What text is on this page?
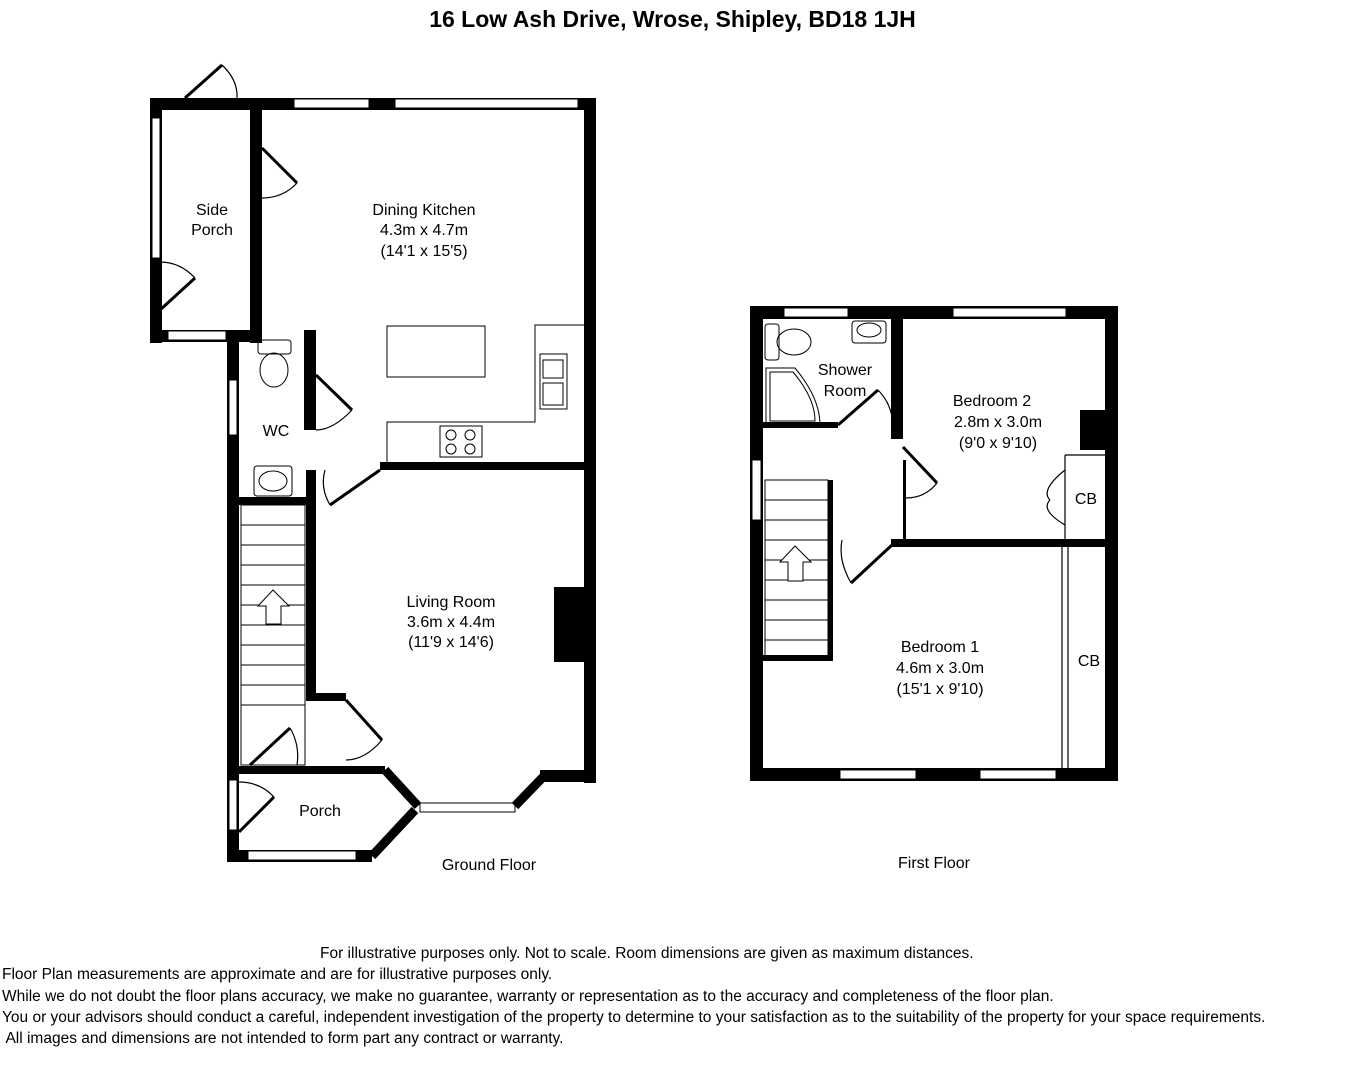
16 Low Ash Drive, Wrose, Shipley, BD18 1JH
Side
Porch
Dining Kitchen
4.3m x 4.7m
(14'1 x 15'5)
WC
Living Room
3.6m x 4.4m
(11'9 x 14'6)
Porch
Ground Floor
Shower
Room
Bedroom 2
2.8m x 3.0m
(9'0 x 9'10)
CB
CB
Bedroom 1
4.6m x 3.0m
(15'1 x 9'10)
First Floor
For illustrative purposes only. Not to scale. Room dimensions are given as maximum distances.
Floor Plan measurements are approximate and are for illustrative purposes only.
While we do not doubt the floor plans accuracy, we make no guarantee, warranty or representation as to the accuracy and completeness of the floor plan.
You or your advisors should conduct a careful, independent investigation of the property to determine to your satisfaction as to the suitability of the property for your space requirements.
All images and dimensions are not intended to form part any contract or warranty.
